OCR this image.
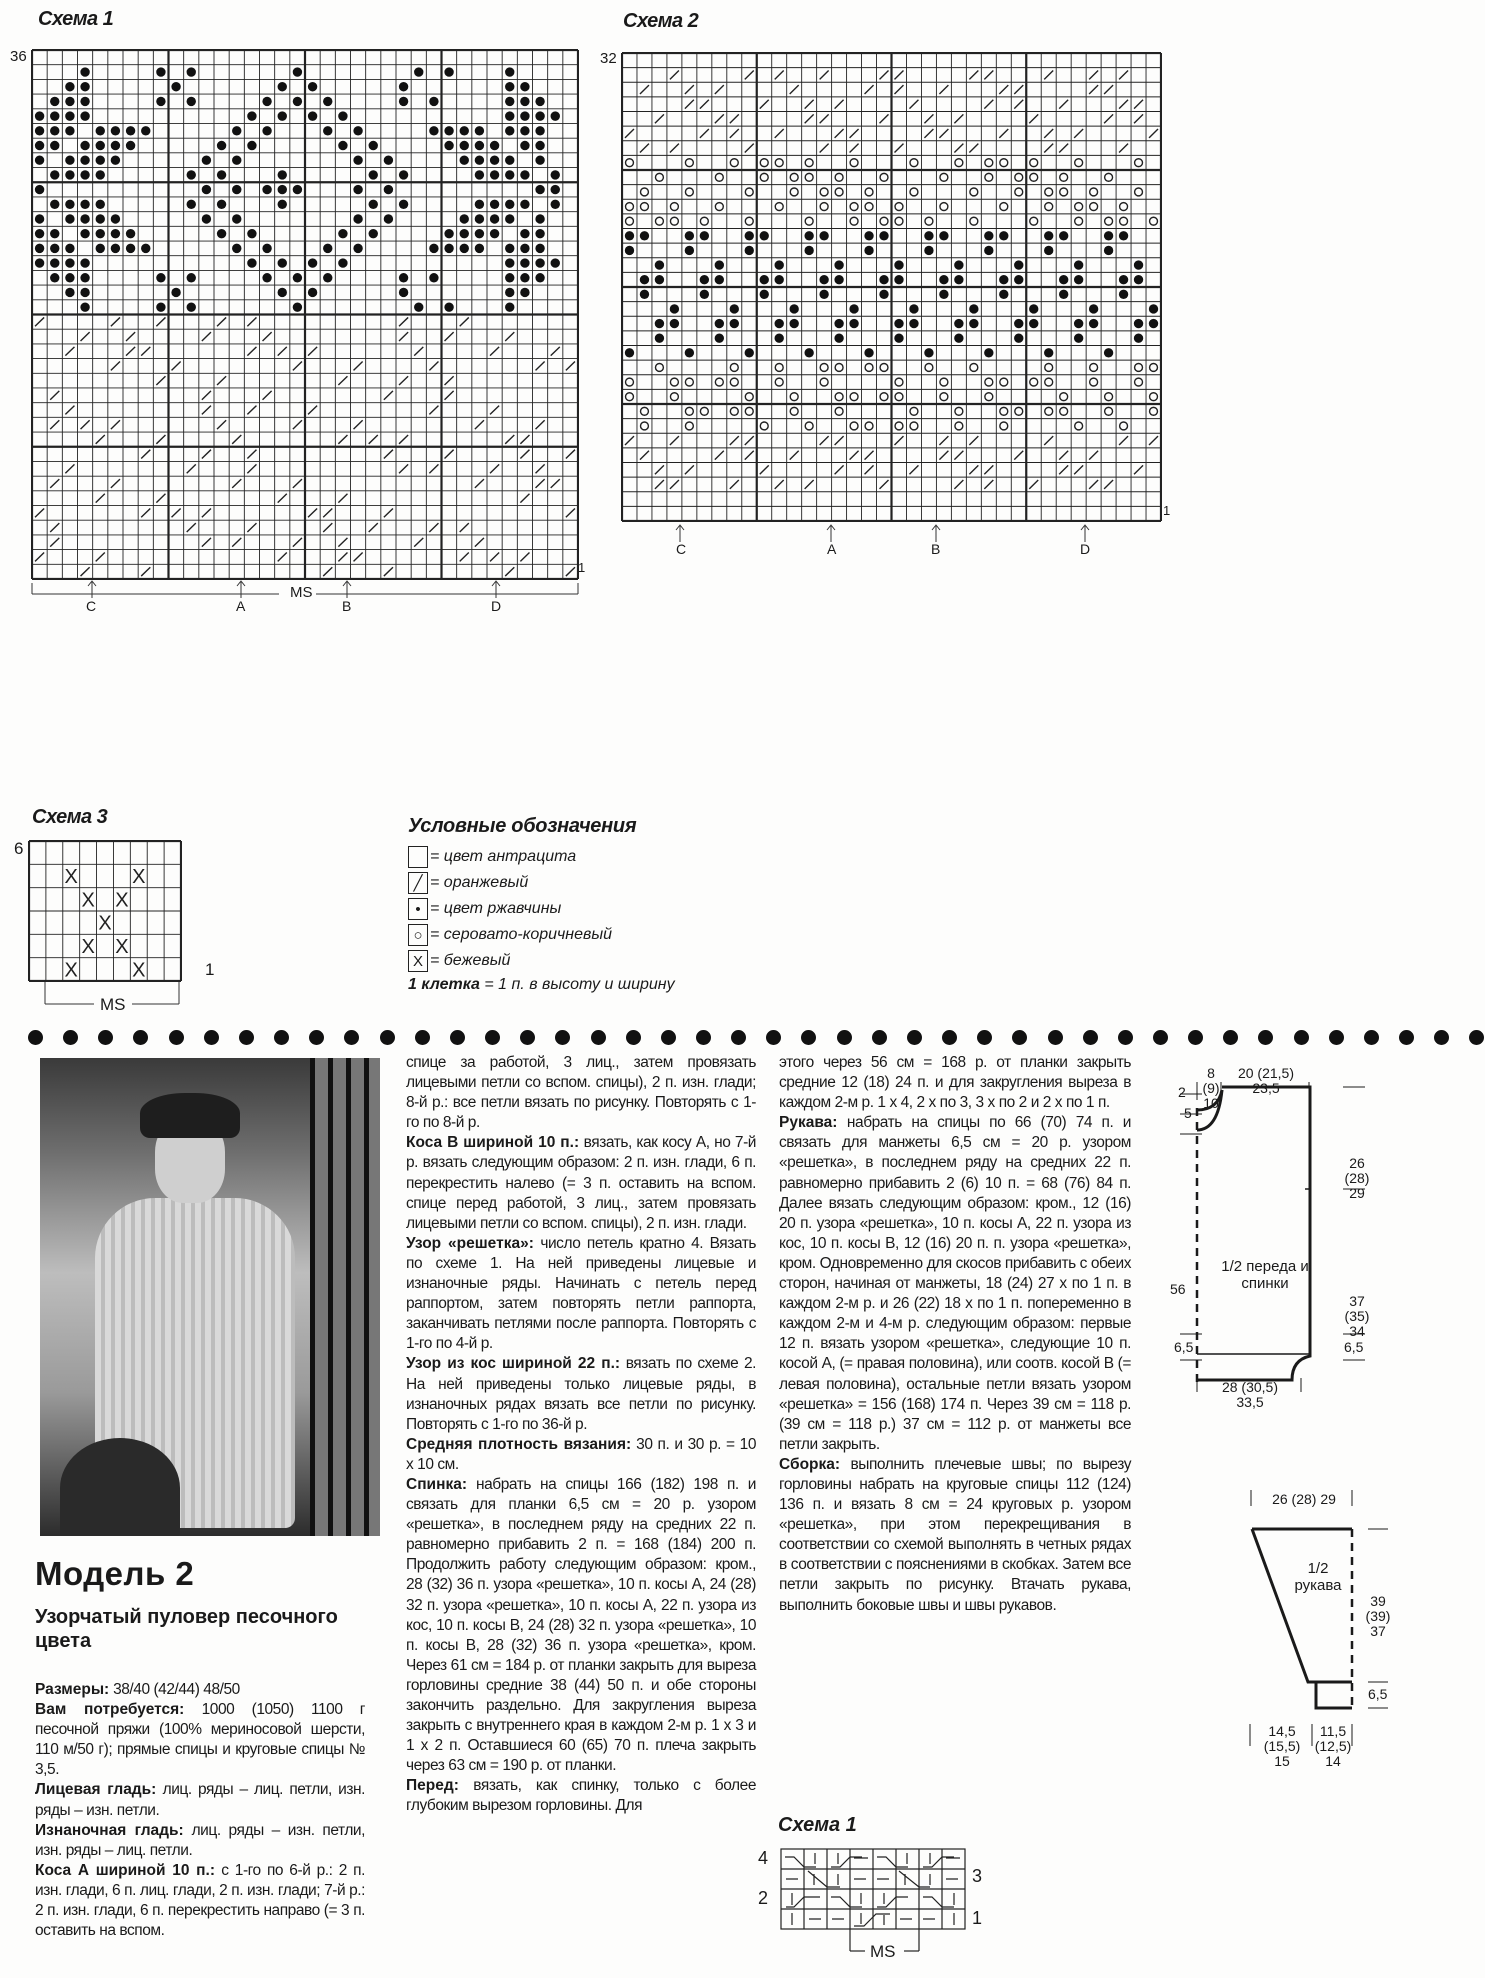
Схема 1
36
1
MS
C	A	B	D
Схема 2
32
1
C	A	B	D
Схема 3
6
1
X	X
X X
X
X X
X	X
MS
Условные обозначения
= цвет антрацита
╱ = оранжевый
• = цвет ржавчины
○ = серовато-коричневый
X = бежевый
1 клетка = 1 п. в высоту и ширину
Модель 2
Узорчатый пуловер песочного цвета

Размеры: 38/40 (42/44) 48/50

Вам потребуется: 1000 (1050) 1100 г песочной пряжи (100% мериносовой шерсти, 110 м/50 г); прямые спицы и круговые спицы № 3,5.

Лицевая гладь: лиц. ряды – лиц. петли, изн. ряды – изн. петли.

Изнаночная гладь: лиц. ряды – изн. петли, изн. ряды – лиц. петли.

Коса А шириной 10 п.: с 1-го по 6-й р.: 2 п. изн. глади, 6 п. лиц. глади, 2 п. изн. глади; 7-й р.: 2 п. изн. глади, 6 п. перекрестить направо (= 3 п. оставить на вспом.

спице за работой, 3 лиц., затем провязать лицевыми петли со вспом. спицы), 2 п. изн. глади; 8-й р.: все петли вязать по рисунку. Повторять с 1-го по 8-й р.

Коса В шириной 10 п.: вязать, как косу А, но 7-й р. вязать следующим образом: 2 п. изн. глади, 6 п. перекрестить налево (= 3 п. оставить на вспом. спице перед работой, 3 лиц., затем провязать лицевыми петли со вспом. спицы), 2 п. изн. глади.

Узор «решетка»: число петель кратно 4. Вязать по схеме 1. На ней приведены лицевые и изнаночные ряды. Начинать с петель перед раппортом, затем повторять петли раппорта, заканчивать петлями после раппорта. Повторять с 1-го по 4-й р.

Узор из кос шириной 22 п.: вязать по схеме 2. На ней приведены только лицевые ряды, в изнаночных рядах вязать все петли по рисунку. Повторять с 1-го по 36-й р.

Средняя плотность вязания: 30 п. и 30 р. = 10 х 10 см.

Спинка: набрать на спицы 166 (182) 198 п. и связать для планки 6,5 см = 20 р. узором «решетка», в последнем ряду на средних 22 п. равномерно прибавить 2 п. = 168 (184) 200 п. Продолжить работу следующим образом: кром., 28 (32) 36 п. узора «решетка», 10 п. косы А, 24 (28) 32 п. узора «решетка», 10 п. косы А, 22 п. узора из кос, 10 п. косы В, 24 (28) 32 п. узора «решетка», 10 п. косы В, 28 (32) 36 п. узора «решетка», кром. Через 61 см = 184 р. от планки закрыть для выреза горловины средние 38 (44) 50 п. и обе стороны закончить раздельно. Для закругления выреза закрыть с внутреннего края в каждом 2-м р. 1 х 3 и 1 х 2 п. Оставшиеся 60 (65) 70 п. плеча закрыть через 63 см = 190 р. от планки.

Перед: вязать, как спинку, только с более глубоким вырезом горловины. Для

этого через 56 см = 168 р. от планки закрыть средние 12 (18) 24 п. и для закругления выреза в каждом 2-м р. 1 х 4, 2 х по 3, 3 х по 2 и 2 х по 1 п.

Рукава: набрать на спицы по 66 (70) 74 п. и связать для манжеты 6,5 см = 20 р. узором «решетка», в последнем ряду на средних 22 п. равномерно прибавить 2 (6) 10 п. = 68 (76) 84 п. Далее вязать следующим образом: кром., 12 (16) 20 п. узора «решетка», 10 п. косы А, 22 п. узора из кос, 10 п. косы В, 12 (16) 20 п. п. узора «решетка», кром. Одновременно для скосов прибавить с обеих сторон, начиная от манжеты, 18 (24) 27 х по 1 п. в каждом 2-м р. и 26 (22) 18 х по 1 п. попеременно в каждом 2-м и 4-м р. следующим образом: первые 12 п. вязать узором «решетка», следующие 10 п. косой А, (= правая половина), или соотв. косой В (= левая половина), остальные петли вязать узором «решетка» = 156 (168) 174 п. Через 39 см = 118 р. (39 см = 118 р.) 37 см = 112 р. от манжеты все петли закрыть.

Сборка: выполнить плечевые швы; по вырезу горловины набрать на круговые спицы 112 (124) 136 п. и вязать 8 см = 24 круговых р. узором «решетка», при этом перекрещивания в соответствии со схемой выполнять в четных рядах в соответствии с пояснениями в скобках. Затем все петли закрыть по рисунку. Втачать рукава, выполнить боковые швы и швы рукавов.

Схема 1
4
3
2
1
MS
8
(9)
10
20 (21,5)
23,5
2
5
26
(28)
29
1/2 переда и спинки
56
37
(35)
34
6,5	6,5
28 (30,5)
33,5
26 (28) 29
1/2
рукава
39
(39)
37
6,5
14,5
(15,5)
15
11,5
(12,5)
14
